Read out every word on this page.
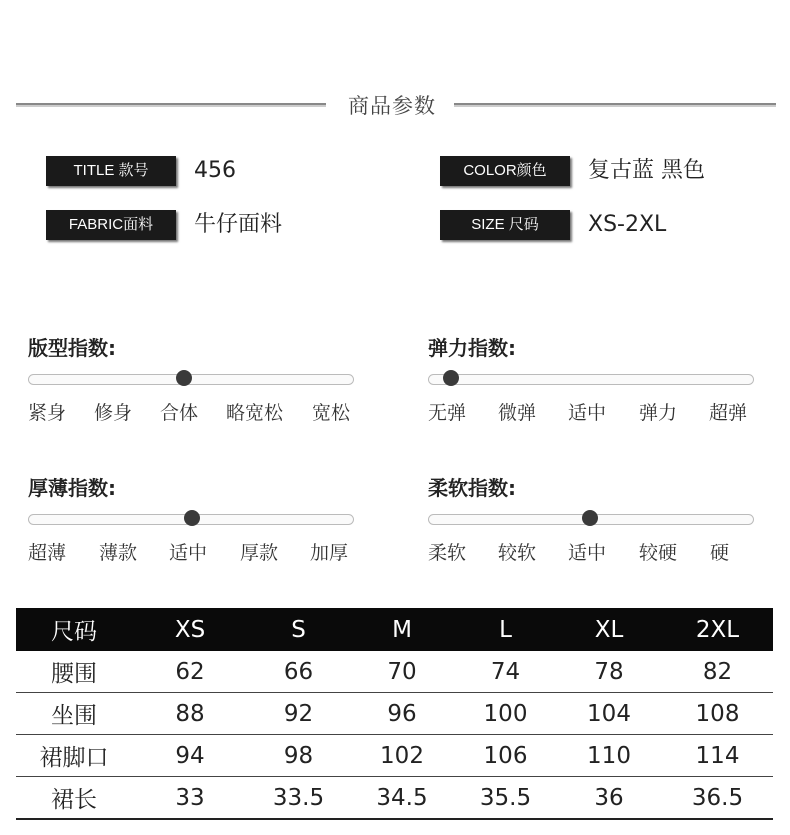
商品参数
TITLE 款号	456	COLOR颜色	复古蓝 黑色
FABRIC面料	牛仔面料	SIZE 尺码	XS-2XL
版型指数:
紧身 修身 合体 略宽松 宽松
弹力指数:
无弹 微弹 适中 弹力 超弹
厚薄指数:
超薄 薄款 适中 厚款 加厚
柔软指数:
柔软 较软 适中 较硬 硬
尺码	XS	S	M	L	XL	2XL
腰围	62	66	70	74	78	82
坐围	88	92	96	100	104	108
裙脚口	94	98	102	106	110	114
裙长	33	33.5	34.5	35.5	36	36.5
